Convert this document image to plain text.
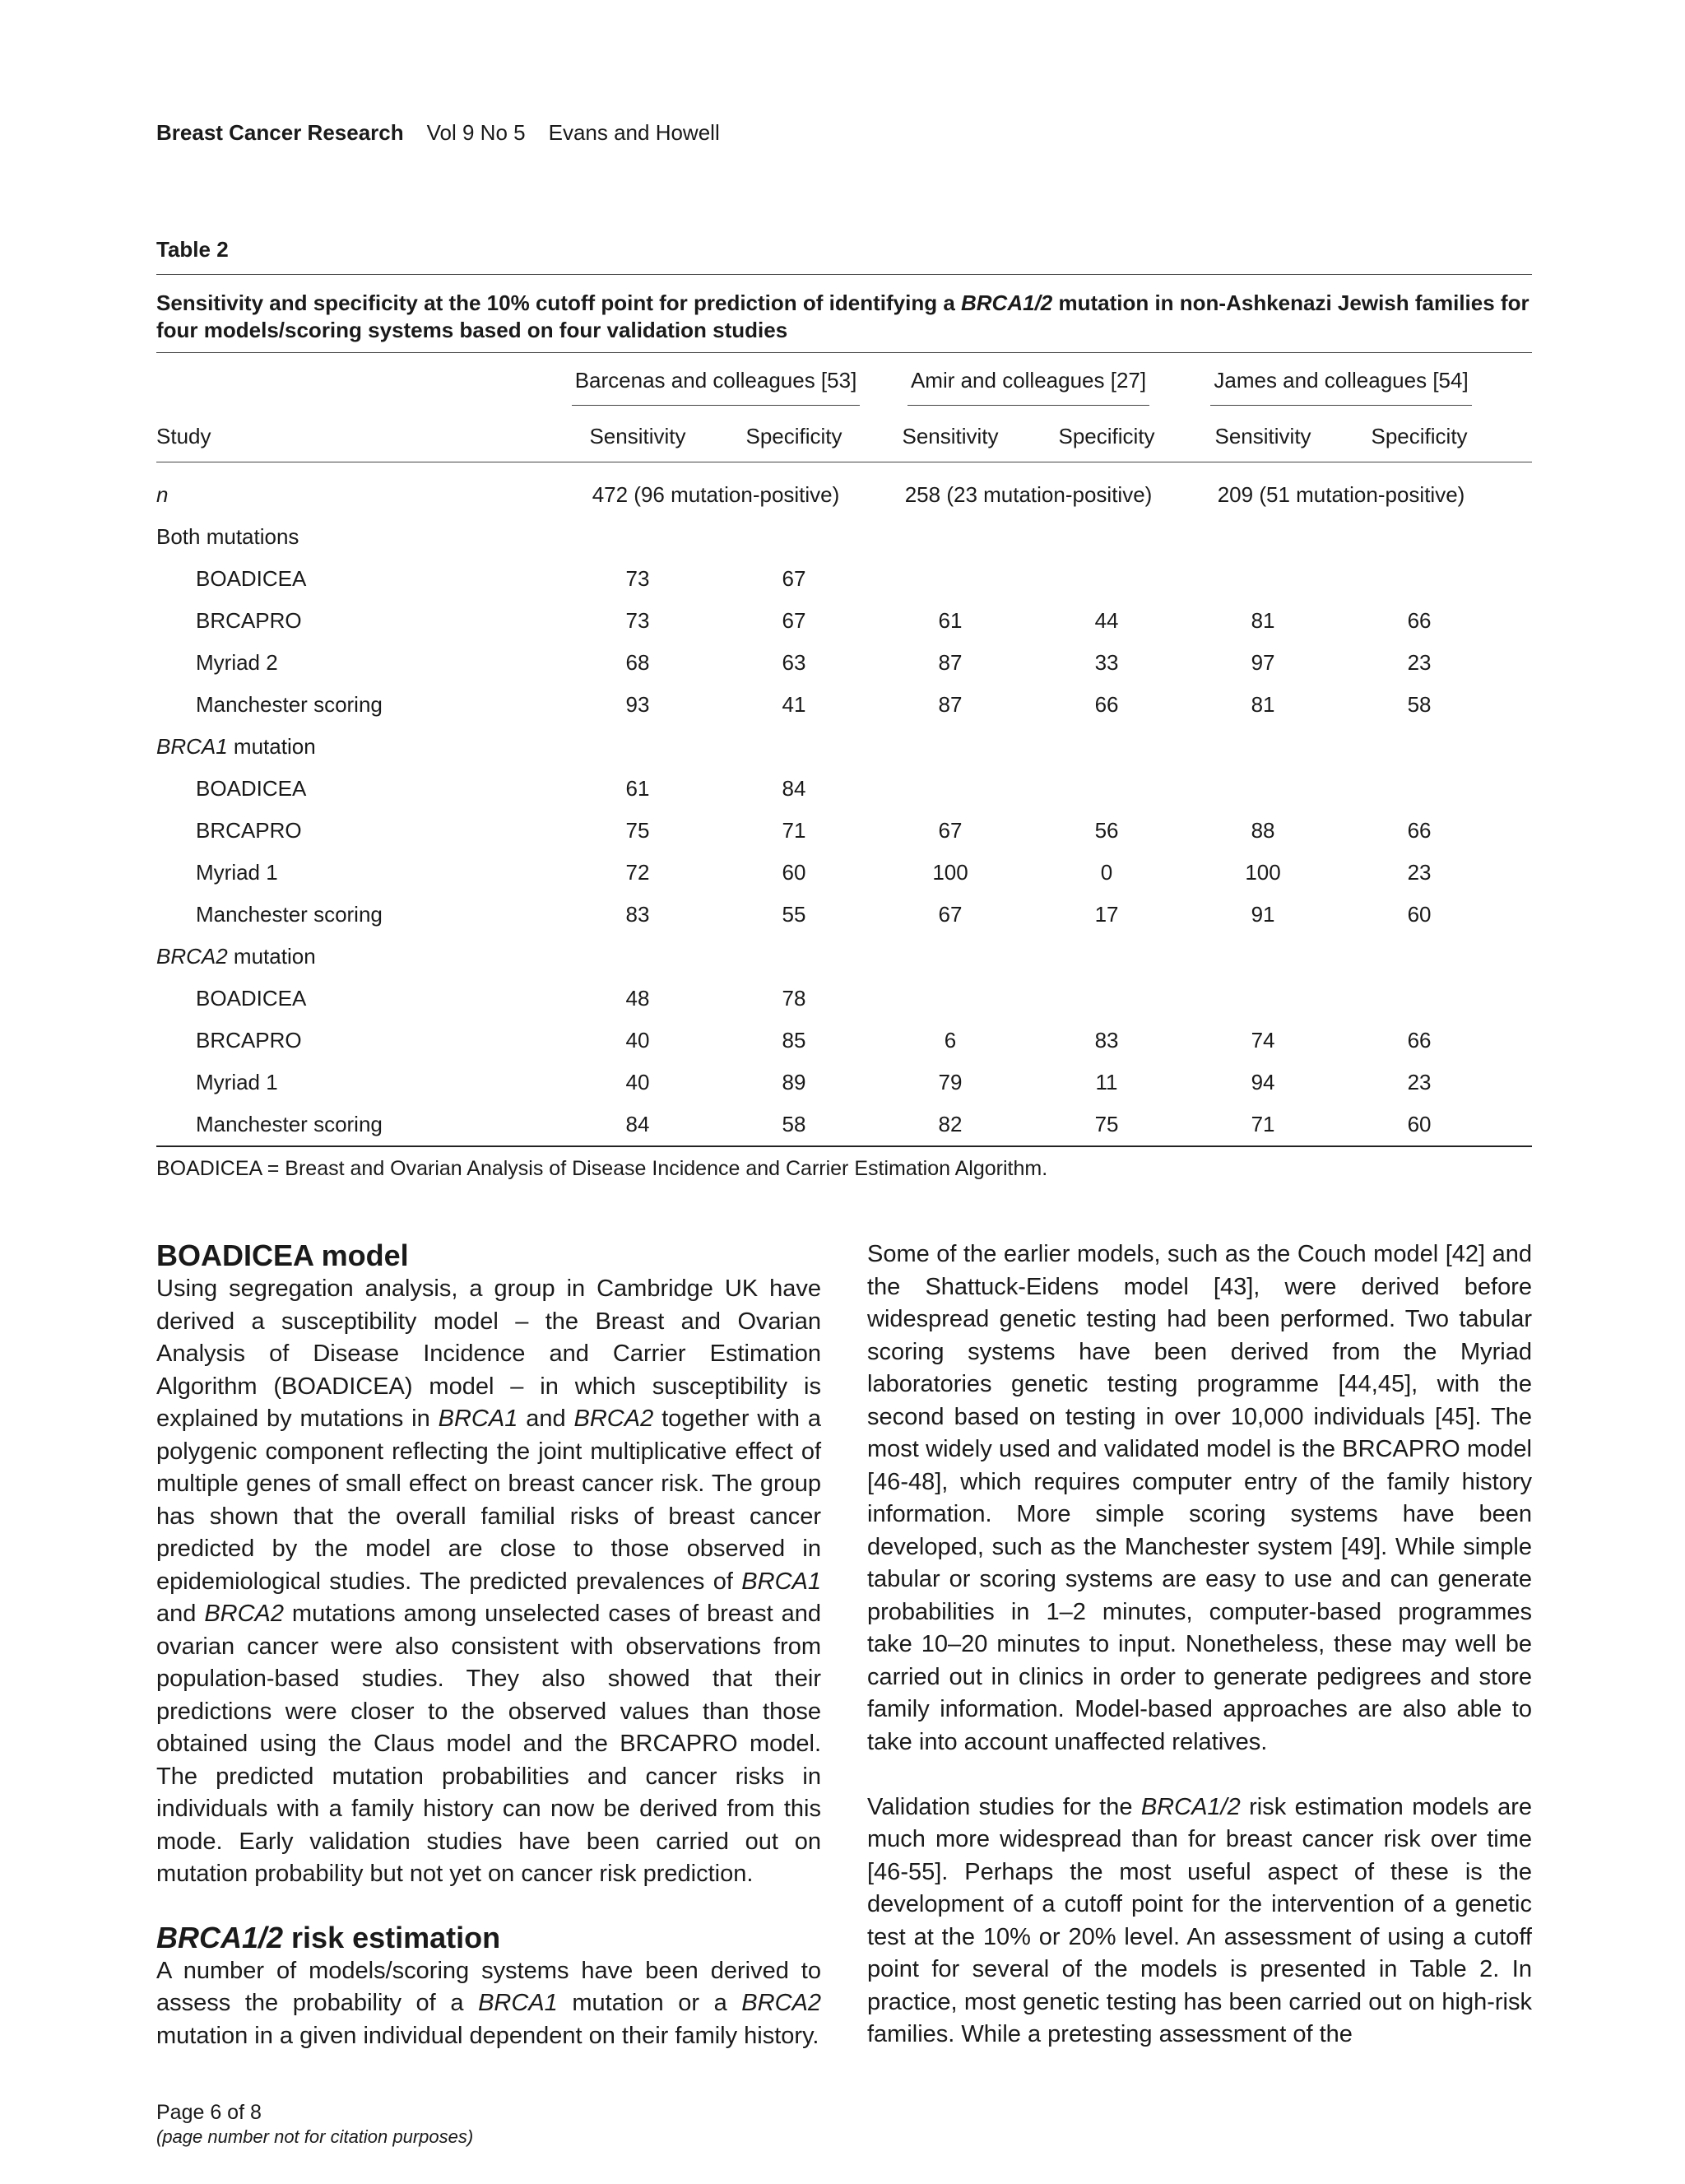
Breast Cancer Research Vol 9 No 5 Evans and Howell
Table 2
Sensitivity and specificity at the 10% cutoff point for prediction of identifying a BRCA1/2 mutation in non-Ashkenazi Jewish families for four models/scoring systems based on four validation studies
	Barcenas and colleagues [53]		Amir and colleagues [27]		James and colleagues [54]		
Study	Sensitivity	Specificity	Sensitivity	Specificity	Sensitivity	Specificity	

n	472 (96 mutation-positive)		258 (23 mutation-positive)		209 (51 mutation-positive)		
Both mutations							
BOADICEA	73	67					
BRCAPRO	73	67	61	44	81	66	
Myriad 2	68	63	87	33	97	23	
Manchester scoring	93	41	87	66	81	58	
BRCA1 mutation							
BOADICEA	61	84					
BRCAPRO	75	71	67	56	88	66	
Myriad 1	72	60	100	0	100	23	
Manchester scoring	83	55	67	17	91	60	
BRCA2 mutation							
BOADICEA	48	78					
BRCAPRO	40	85	6	83	74	66	
Myriad 1	40	89	79	11	94	23	
Manchester scoring	84	58	82	75	71	60	

BOADICEA = Breast and Ovarian Analysis of Disease Incidence and Carrier Estimation Algorithm.
BOADICEA model

Using segregation analysis, a group in Cambridge UK have derived a susceptibility model – the Breast and Ovarian Analysis of Disease Incidence and Carrier Estimation Algorithm (BOADICEA) model – in which susceptibility is explained by mutations in BRCA1 and BRCA2 together with a polygenic component reflecting the joint multiplicative effect of multiple genes of small effect on breast cancer risk. The group has shown that the overall familial risks of breast cancer predicted by the model are close to those observed in epidemiological studies. The predicted prevalences of BRCA1 and BRCA2 mutations among unselected cases of breast and ovarian cancer were also consistent with observations from population-based studies. They also showed that their predictions were closer to the observed values than those obtained using the Claus model and the BRCAPRO model. The predicted mutation probabilities and cancer risks in individuals with a family history can now be derived from this mode. Early validation studies have been carried out on mutation probability but not yet on cancer risk prediction.

BRCA1/2 risk estimation

A number of models/scoring systems have been derived to assess the probability of a BRCA1 mutation or a BRCA2 mutation in a given individual dependent on their family history.

Some of the earlier models, such as the Couch model [42] and the Shattuck-Eidens model [43], were derived before widespread genetic testing had been performed. Two tabular scoring systems have been derived from the Myriad laboratories genetic testing programme [44,45], with the second based on testing in over 10,000 individuals [45]. The most widely used and validated model is the BRCAPRO model [46-48], which requires computer entry of the family history information. More simple scoring systems have been developed, such as the Manchester system [49]. While simple tabular or scoring systems are easy to use and can generate probabilities in 1–2 minutes, computer-based programmes take 10–20 minutes to input. Nonetheless, these may well be carried out in clinics in order to generate pedigrees and store family information. Model-based approaches are also able to take into account unaffected relatives.

Validation studies for the BRCA1/2 risk estimation models are much more widespread than for breast cancer risk over time [46-55]. Perhaps the most useful aspect of these is the development of a cutoff point for the intervention of a genetic test at the 10% or 20% level. An assessment of using a cutoff point for several of the models is presented in Table 2. In practice, most genetic testing has been carried out on high-risk families. While a pretesting assessment of the

Page 6 of 8
(page number not for citation purposes)
